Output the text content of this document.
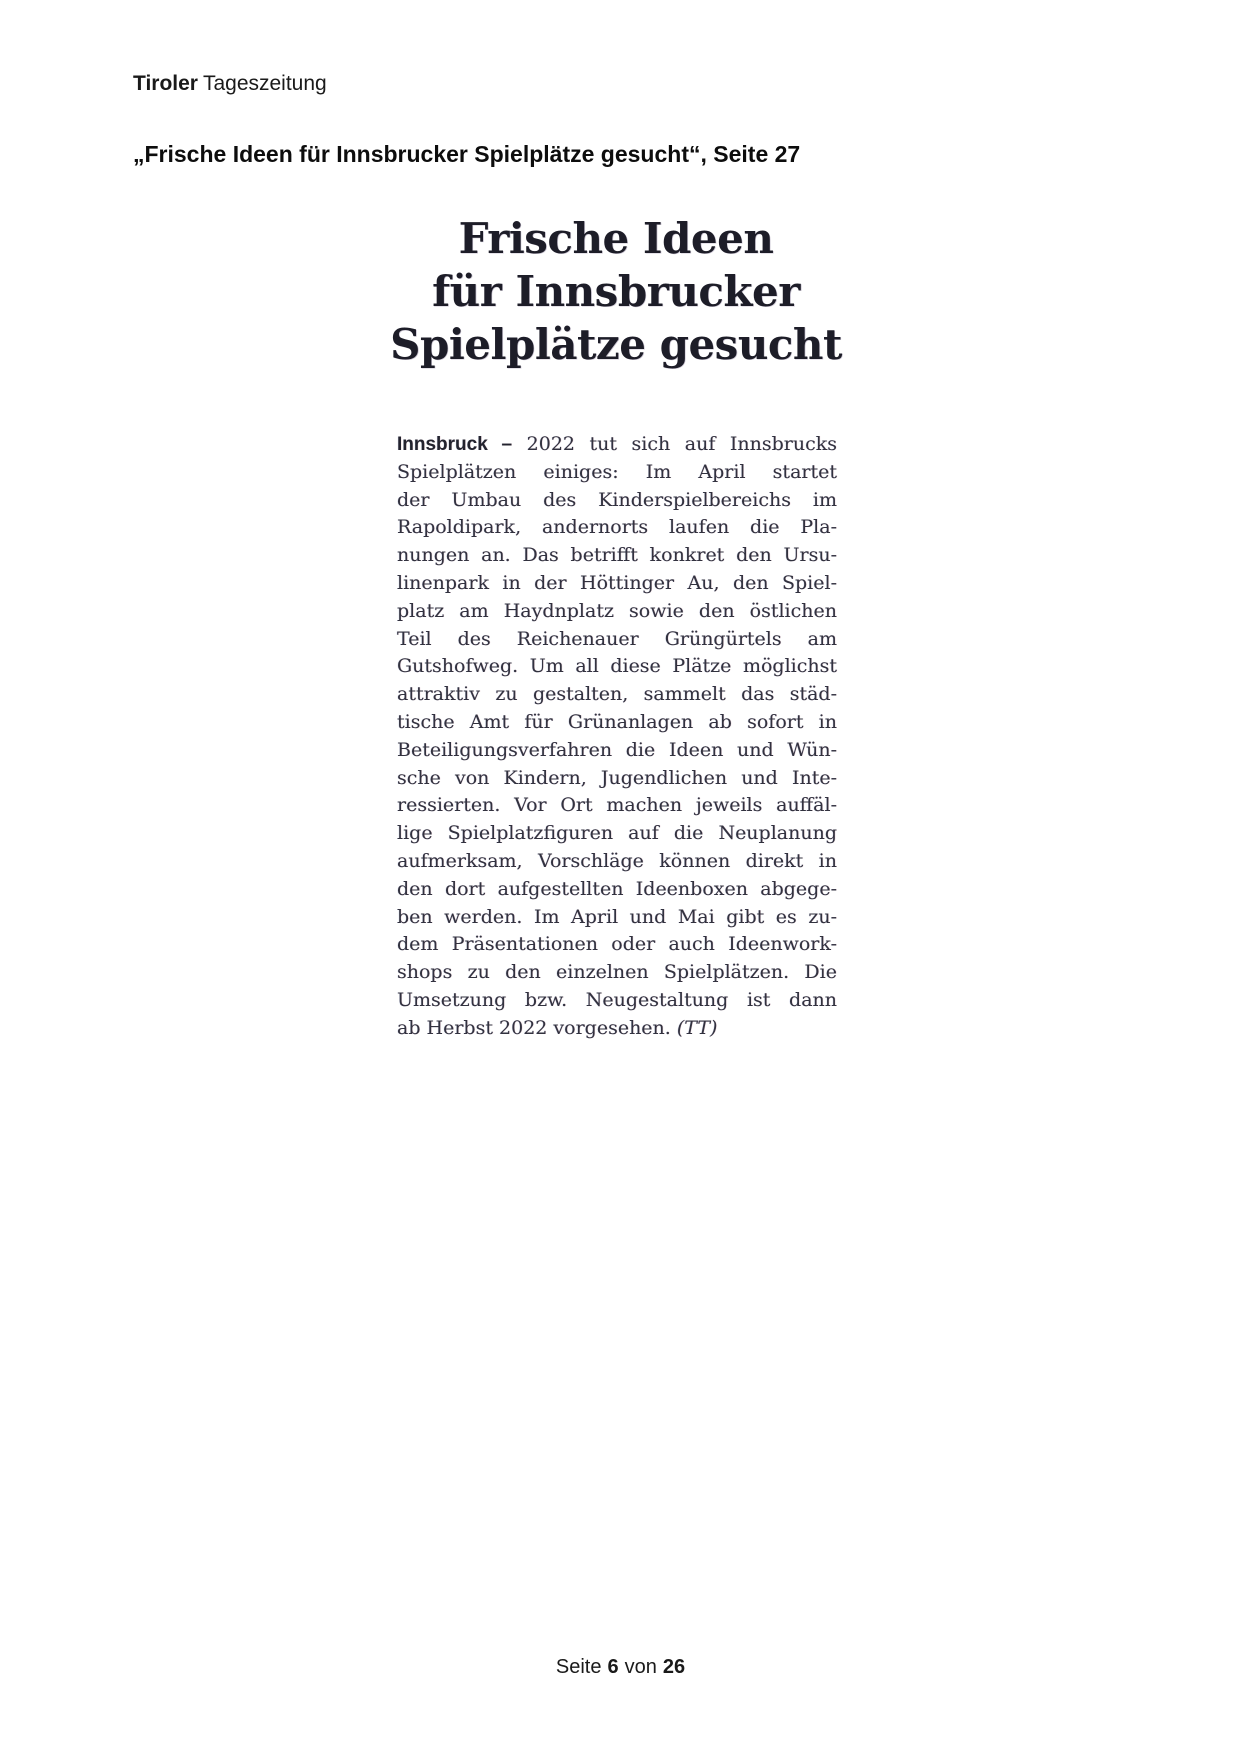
Tiroler Tageszeitung
„Frische Ideen für Innsbrucker Spielplätze gesucht“, Seite 27
Frische Ideen
für Innsbrucker
Spielplätze gesucht
Innsbruck – 2022 tut sich auf Innsbrucks
Spielplätzen einiges: Im April startet
der Umbau des Kinderspielbereichs im
Rapoldipark, andernorts laufen die Pla-
nungen an. Das betrifft konkret den Ursu-
linenpark in der Höttinger Au, den Spiel-
platz am Haydnplatz sowie den östlichen
Teil des Reichenauer Grüngürtels am
Gutshofweg. Um all diese Plätze möglichst
attraktiv zu gestalten, sammelt das städ-
tische Amt für Grünanlagen ab sofort in
Beteiligungsverfahren die Ideen und Wün-
sche von Kindern, Jugendlichen und Inte-
ressierten. Vor Ort machen jeweils auffäl-
lige Spielplatzfiguren auf die Neuplanung
aufmerksam, Vorschläge können direkt in
den dort aufgestellten Ideenboxen abgege-
ben werden. Im April und Mai gibt es zu-
dem Präsentationen oder auch Ideenwork-
shops zu den einzelnen Spielplätzen. Die
Umsetzung bzw. Neugestaltung ist dann
ab Herbst 2022 vorgesehen. (TT)
Seite 6 von 26
